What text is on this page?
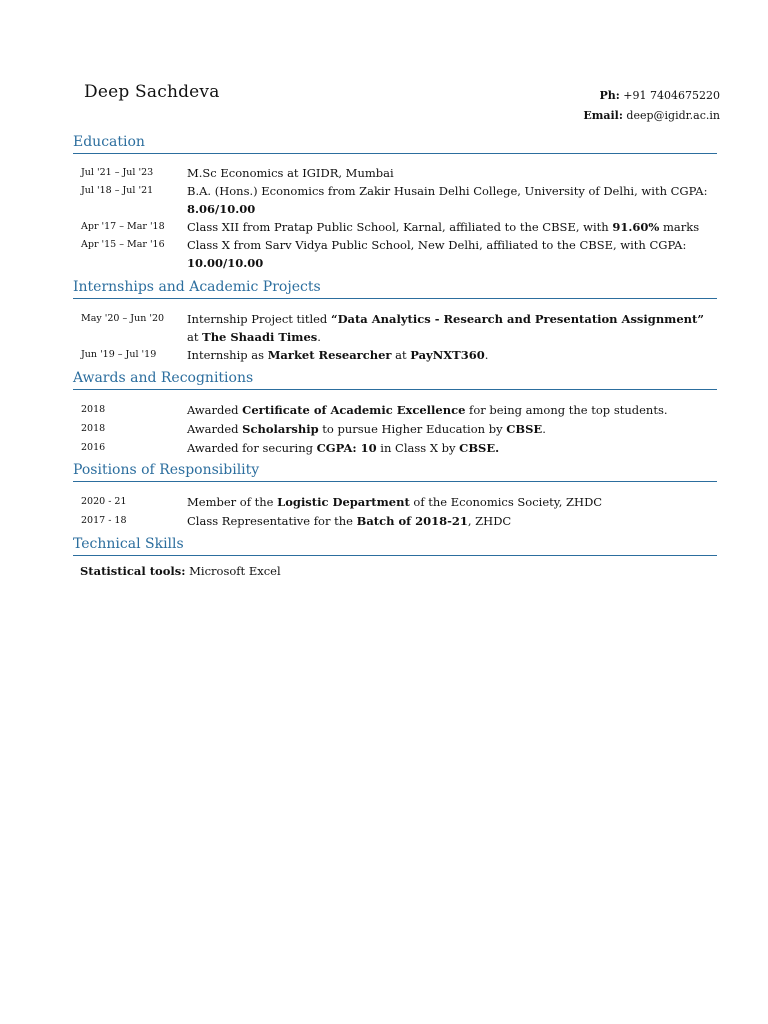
Deep Sachdeva	Ph: +91 7404675220
Email: deep@igidr.ac.in
Education
Jul '21 – Jul '23	M.Sc Economics at IGIDR, Mumbai
Jul '18 – Jul '21	B.A. (Hons.) Economics from Zakir Husain Delhi College, University of Delhi, with CGPA:
8.06/10.00
Apr '17 – Mar '18	Class XII from Pratap Public School, Karnal, affiliated to the CBSE, with 91.60% marks
Apr '15 – Mar '16	Class X from Sarv Vidya Public School, New Delhi, affiliated to the CBSE, with CGPA:
10.00/10.00
Internships and Academic Projects
May '20 – Jun '20	Internship Project titled “Data Analytics - Research and Presentation Assignment”
at The Shaadi Times.
Jun '19 – Jul '19	Internship as Market Researcher at PayNXT360.
Awards and Recognitions
2018	Awarded Certificate of Academic Excellence for being among the top students.
2018	Awarded Scholarship to pursue Higher Education by CBSE.
2016	Awarded for securing CGPA: 10 in Class X by CBSE.
Positions of Responsibility
2020 - 21	Member of the Logistic Department of the Economics Society, ZHDC
2017 - 18	Class Representative for the Batch of 2018-21, ZHDC
Technical Skills
Statistical tools: Microsoft Excel
